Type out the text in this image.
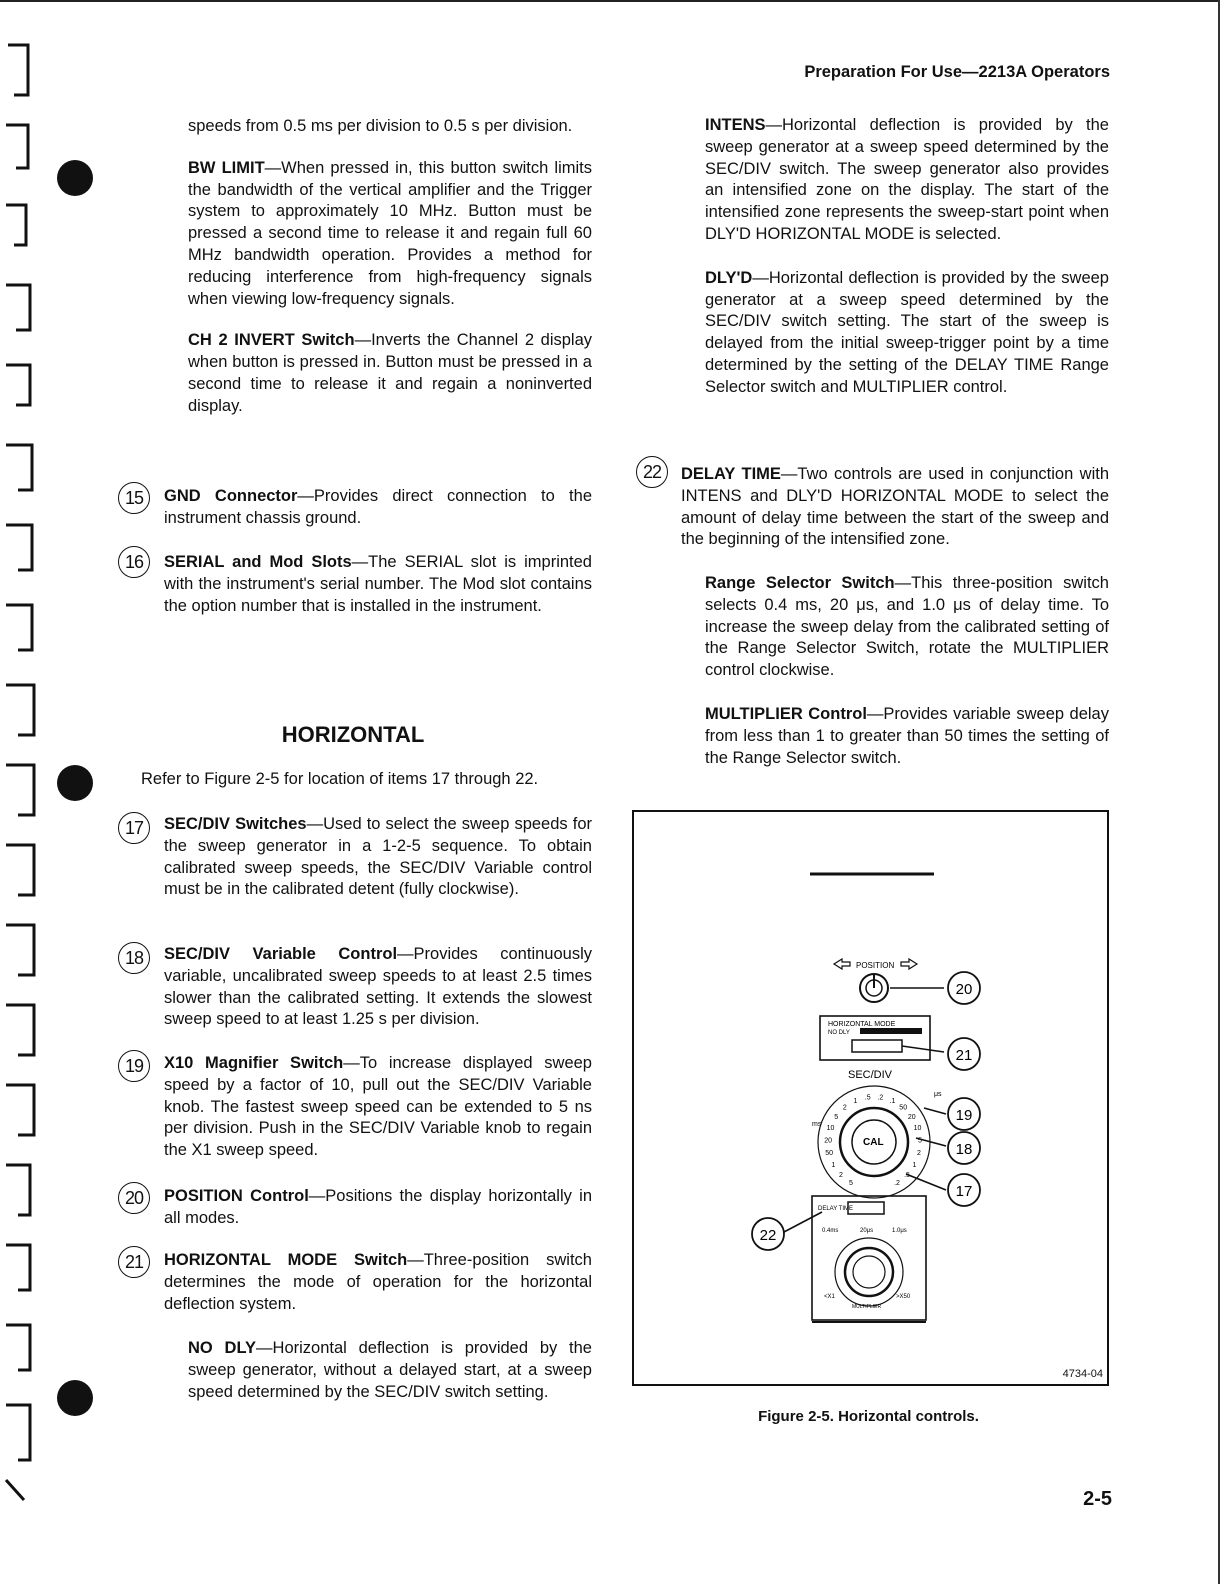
Preparation For Use—2213A Operators

speeds from 0.5 ms per division to 0.5 s per division.

BW LIMIT—When pressed in, this button switch limits the bandwidth of the vertical amplifier and the Trigger system to approximately 10 MHz. Button must be pressed a second time to release it and regain full 60 MHz bandwidth operation. Provides a method for reducing interference from high-frequency signals when viewing low-frequency signals.

CH 2 INVERT Switch—Inverts the Channel 2 display when button is pressed in. Button must be pressed in a second time to release it and regain a noninverted display.

15	GND Connector—Provides direct connection to the instrument chassis ground.

16	SERIAL and Mod Slots—The SERIAL slot is imprinted with the instrument's serial number. The Mod slot contains the option number that is installed in the instrument.

HORIZONTAL
Refer to Figure 2-5 for location of items 17 through 22.
17	SEC/DIV Switches—Used to select the sweep speeds for the sweep generator in a 1-2-5 sequence. To obtain calibrated sweep speeds, the SEC/DIV Variable control must be in the calibrated detent (fully clockwise).

18	SEC/DIV Variable Control—Provides continuously variable, uncalibrated sweep speeds to at least 2.5 times slower than the calibrated setting. It extends the slowest sweep speed to at least 1.25 s per division.

19	X10 Magnifier Switch—To increase displayed sweep speed by a factor of 10, pull out the SEC/DIV Variable knob. The fastest sweep speed can be extended to 5 ns per division. Push in the SEC/DIV Variable knob to regain the X1 sweep speed.

20	POSITION Control—Positions the display horizontally in all modes.

21	HORIZONTAL MODE Switch—Three-position switch determines the mode of operation for the horizontal deflection system.

NO DLY—Horizontal deflection is provided by the sweep generator, without a delayed start, at a sweep speed determined by the SEC/DIV switch setting.

INTENS—Horizontal deflection is provided by the sweep generator at a sweep speed determined by the SEC/DIV switch. The sweep generator also provides an intensified zone on the display. The start of the intensified zone represents the sweep-start point when DLY'D HORIZONTAL MODE is selected.

DLY'D—Horizontal deflection is provided by the sweep generator at a sweep speed determined by the SEC/DIV switch setting. The start of the sweep is delayed from the initial sweep-trigger point by a time determined by the setting of the DELAY TIME Range Selector switch and MULTIPLIER control.

22	DELAY TIME—Two controls are used in conjunction with INTENS and DLY'D HORIZONTAL MODE to select the amount of delay time between the start of the sweep and the beginning of the intensified zone.

Range Selector Switch—This three-position switch selects 0.4 ms, 20 μs, and 1.0 μs of delay time. To increase the sweep delay from the calibrated setting of the Range Selector Switch, rotate the MULTIPLIER control clockwise.

MULTIPLIER Control—Provides variable sweep delay from less than 1 to greater than 50 times the setting of the Range Selector switch.

POSITION
HORIZONTAL MODE
NO DLY
SEC/DIV
5
2
1
50
20
10
5
2
1 .5 .2 .1
50
20
10
5
2
1
.5
.2
CAL
ms
μs
DELAY TIME
0.4ms	20μs	1.0μs
<X1	>X50
MULTIPLIER
20
21
19
18
17
22
4734-04
Figure 2-5. Horizontal controls.
2-5
